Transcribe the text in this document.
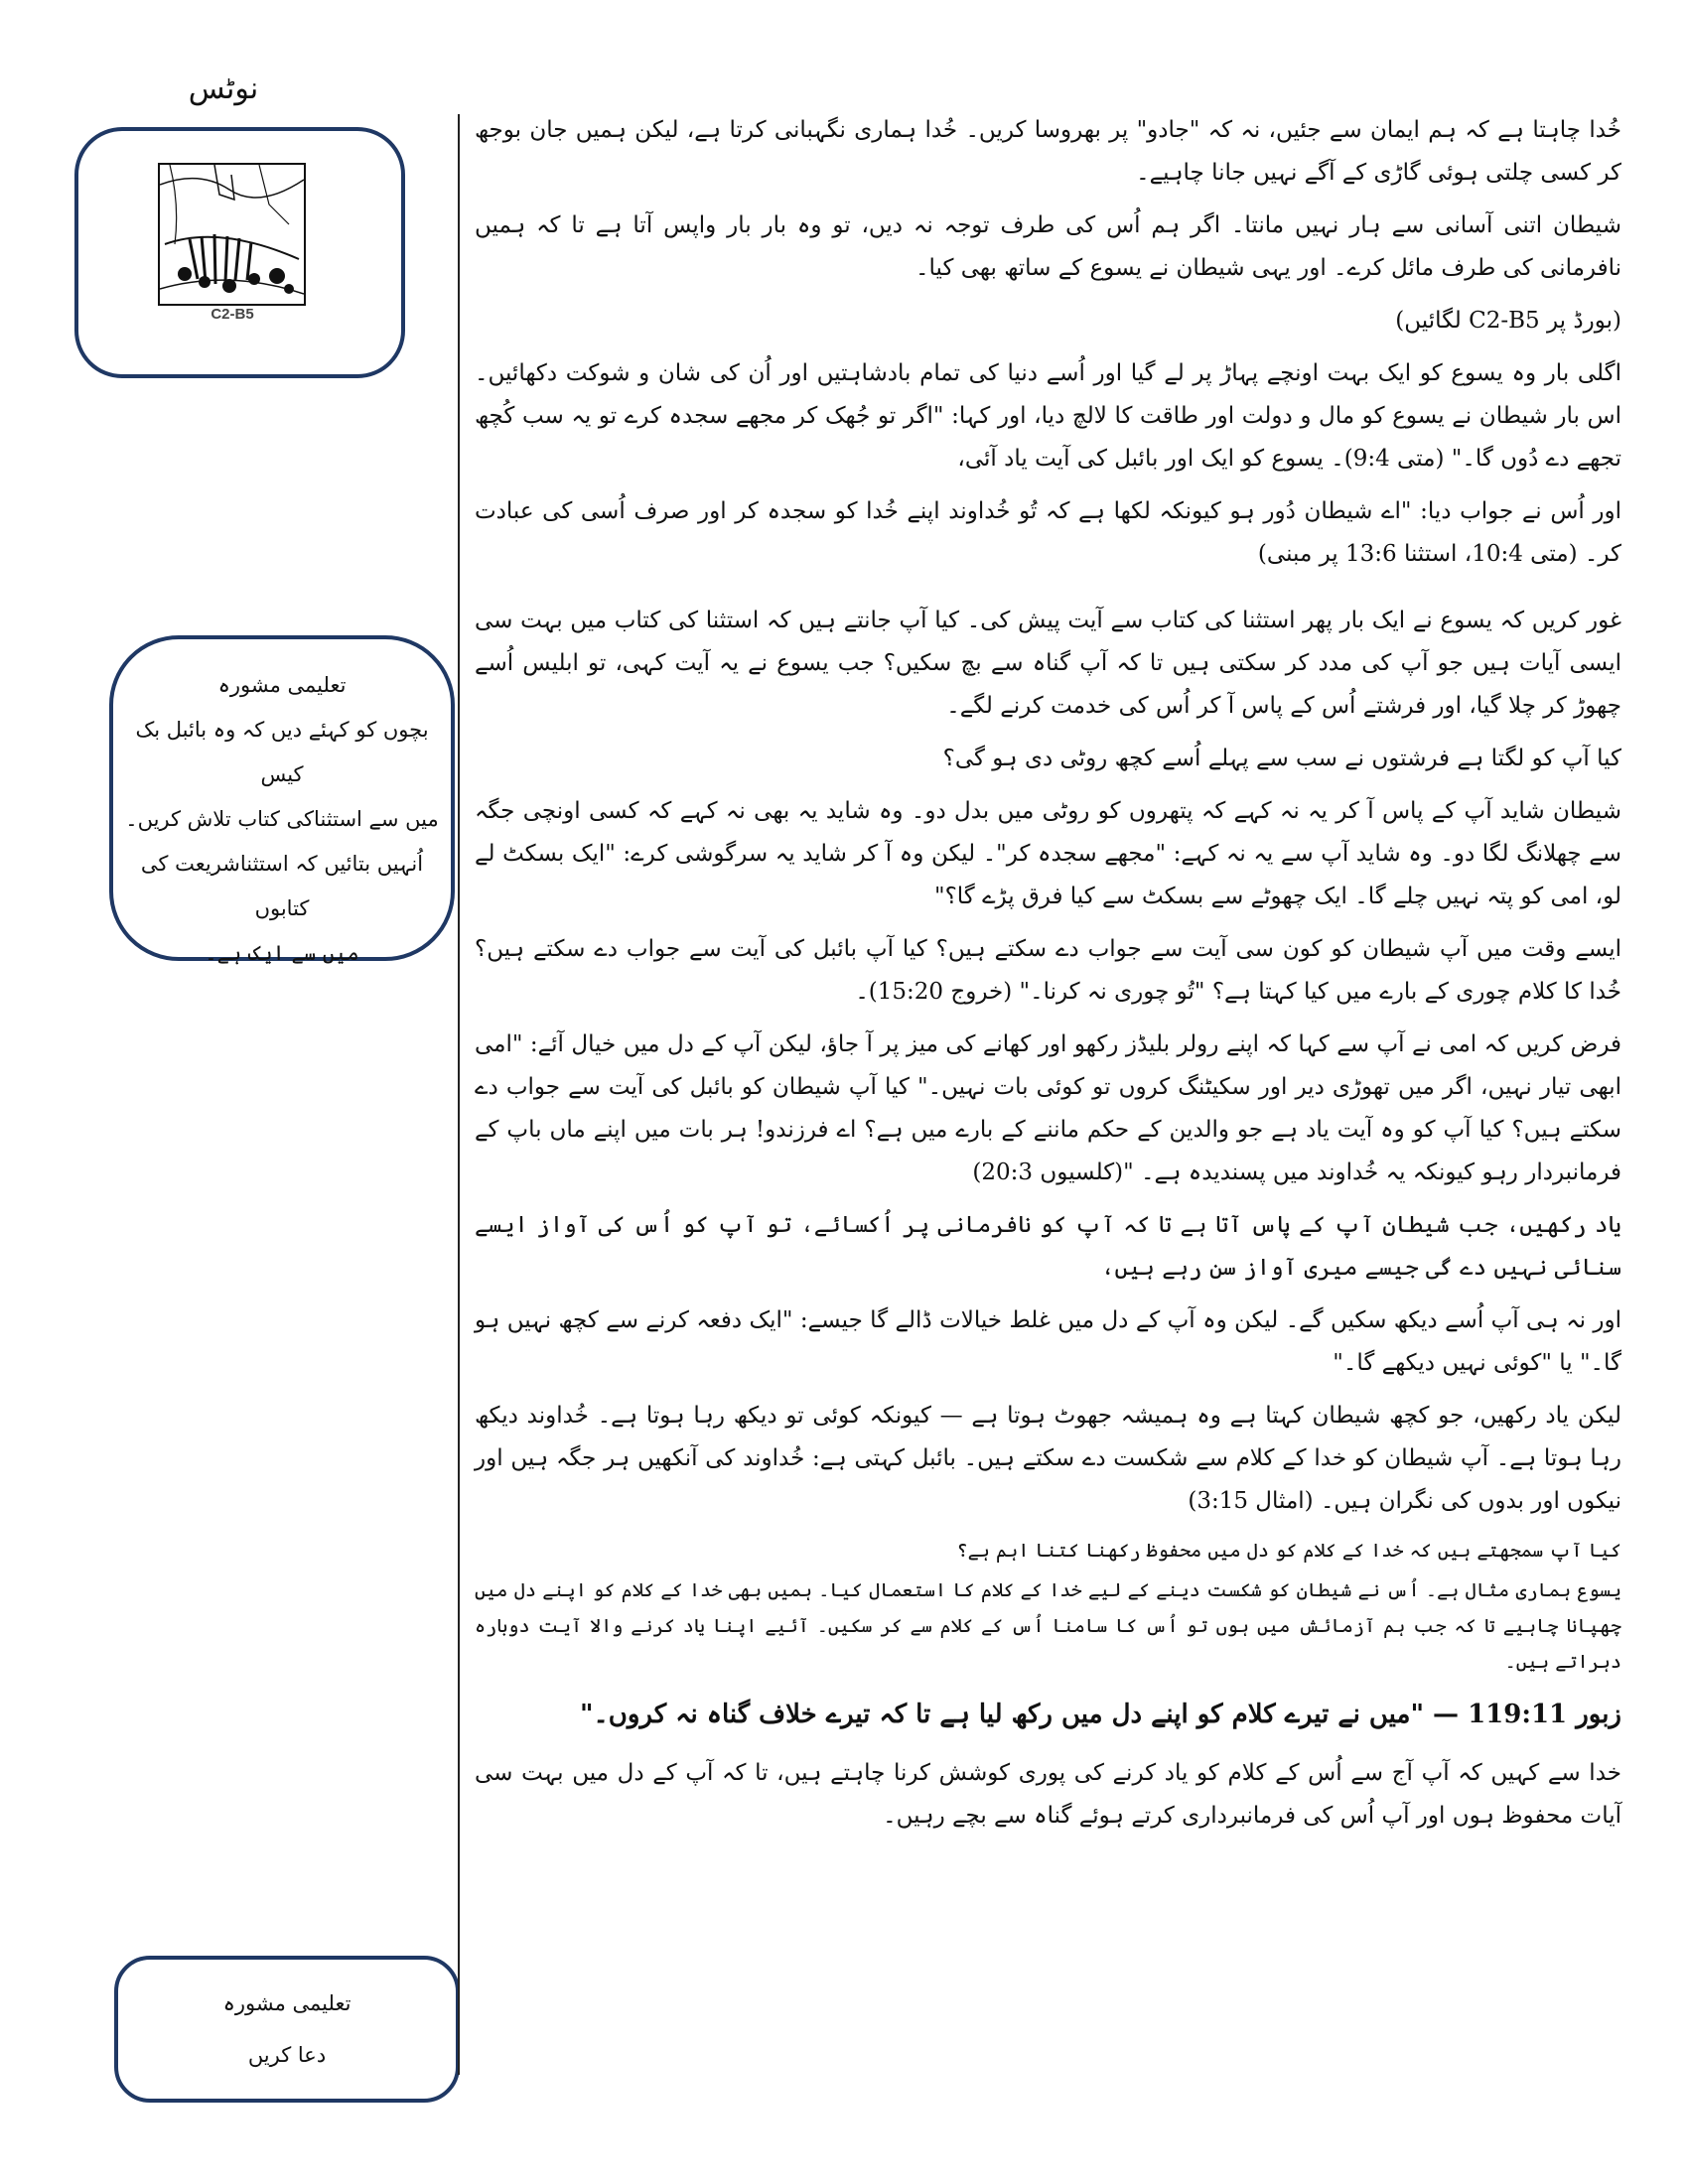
نوٹس
C2-B5
تعلیمی مشورہ
بچوں کو کہئے دیں کہ وہ بائبل بک کیس
میں سے استثناکی کتاب تلاش کریں۔
اُنہیں بتائیں کہ استثناشریعت کی کتابوں
میں سے ایک ہے۔
تعلیمی مشورہ
دعا کریں

خُدا چاہتا ہے کہ ہم ایمان سے جئیں، نہ کہ "جادو" پر بھروسا کریں۔ خُدا ہماری نگہبانی کرتا ہے، لیکن ہمیں جان بوجھ کر کسی چلتی ہوئی گاڑی کے آگے نہیں جانا چاہیے۔

شیطان اتنی آسانی سے ہار نہیں مانتا۔ اگر ہم اُس کی طرف توجہ نہ دیں، تو وہ بار بار واپس آتا ہے تا کہ ہمیں نافرمانی کی طرف مائل کرے۔ اور یہی شیطان نے یسوع کے ساتھ بھی کیا۔

(بورڈ پر C2-B5 لگائیں)

اگلی بار وہ یسوع کو ایک بہت اونچے پہاڑ پر لے گیا اور اُسے دنیا کی تمام بادشاہتیں اور اُن کی شان و شوکت دکھائیں۔ اس بار شیطان نے یسوع کو مال و دولت اور طاقت کا لالچ دیا، اور کہا: "اگر تو جُھک کر مجھے سجدہ کرے تو یہ سب کُچھ تجھے دے دُوں گا۔" (متی 9:4)۔ یسوع کو ایک اور بائبل کی آیت یاد آئی،

اور اُس نے جواب دیا: "اے شیطان دُور ہو کیونکہ لکھا ہے کہ تُو خُداوند اپنے خُدا کو سجدہ کر اور صرف اُسی کی عبادت کر۔ (متی 10:4، استثنا 13:6 پر مبنی)

غور کریں کہ یسوع نے ایک بار پھر استثنا کی کتاب سے آیت پیش کی۔ کیا آپ جانتے ہیں کہ استثنا کی کتاب میں بہت سی ایسی آیات ہیں جو آپ کی مدد کر سکتی ہیں تا کہ آپ گناہ سے بچ سکیں؟ جب یسوع نے یہ آیت کہی، تو ابلیس اُسے چھوڑ کر چلا گیا، اور فرشتے اُس کے پاس آ کر اُس کی خدمت کرنے لگے۔

کیا آپ کو لگتا ہے فرشتوں نے سب سے پہلے اُسے کچھ روٹی دی ہو گی؟

شیطان شاید آپ کے پاس آ کر یہ نہ کہے کہ پتھروں کو روٹی میں بدل دو۔ وہ شاید یہ بھی نہ کہے کہ کسی اونچی جگہ سے چھلانگ لگا دو۔ وہ شاید آپ سے یہ نہ کہے: "مجھے سجدہ کر"۔ لیکن وہ آ کر شاید یہ سرگوشی کرے: "ایک بسکٹ لے لو، امی کو پتہ نہیں چلے گا۔ ایک چھوٹے سے بسکٹ سے کیا فرق پڑے گا؟"

ایسے وقت میں آپ شیطان کو کون سی آیت سے جواب دے سکتے ہیں؟ کیا آپ بائبل کی آیت سے جواب دے سکتے ہیں؟ خُدا کا کلام چوری کے بارے میں کیا کہتا ہے؟ "تُو چوری نہ کرنا۔" (خروج 15:20)۔

فرض کریں کہ امی نے آپ سے کہا کہ اپنے رولر بلیڈز رکھو اور کھانے کی میز پر آ جاؤ، لیکن آپ کے دل میں خیال آئے: "امی ابھی تیار نہیں، اگر میں تھوڑی دیر اور سکیٹنگ کروں تو کوئی بات نہیں۔" کیا آپ شیطان کو بائبل کی آیت سے جواب دے سکتے ہیں؟ کیا آپ کو وہ آیت یاد ہے جو والدین کے حکم ماننے کے بارے میں ہے؟ اے فرزندو! ہر بات میں اپنے ماں باپ کے فرمانبردار رہو کیونکہ یہ خُداوند میں پسندیدہ ہے۔ "(کلسیوں 20:3)

یاد رکھیں، جب شیطان آپ کے پاس آتا ہے تا کہ آپ کو نافرمانی پر اُکسائے، تو آپ کو اُس کی آواز ایسے سنائی نہیں دے گی جیسے میری آواز سن رہے ہیں،

اور نہ ہی آپ اُسے دیکھ سکیں گے۔ لیکن وہ آپ کے دل میں غلط خیالات ڈالے گا جیسے: "ایک دفعہ کرنے سے کچھ نہیں ہو گا۔" یا "کوئی نہیں دیکھے گا۔"

لیکن یاد رکھیں، جو کچھ شیطان کہتا ہے وہ ہمیشہ جھوٹ ہوتا ہے — کیونکہ کوئی تو دیکھ رہا ہوتا ہے۔ خُداوند دیکھ رہا ہوتا ہے۔ آپ شیطان کو خدا کے کلام سے شکست دے سکتے ہیں۔ بائبل کہتی ہے: خُداوند کی آنکھیں ہر جگہ ہیں اور نیکوں اور بدوں کی نگران ہیں۔ (امثال 3:15)

کیا آپ سمجھتے ہیں کہ خدا کے کلام کو دل میں محفوظ رکھنا کتنا اہم ہے؟

یسوع ہماری مثال ہے۔ اُس نے شیطان کو شکست دینے کے لیے خدا کے کلام کا استعمال کیا۔ ہمیں بھی خدا کے کلام کو اپنے دل میں چھپانا چاہیے تا کہ جب ہم آزمائش میں ہوں تو اُس کا سامنا اُس کے کلام سے کر سکیں۔ آئیے اپنا یاد کرنے والا آیت دوبارہ دہراتے ہیں۔

زبور 119:11 — "میں نے تیرے کلام کو اپنے دل میں رکھ لیا ہے تا کہ تیرے خلاف گناہ نہ کروں۔"

خدا سے کہیں کہ آپ آج سے اُس کے کلام کو یاد کرنے کی پوری کوشش کرنا چاہتے ہیں، تا کہ آپ کے دل میں بہت سی آیات محفوظ ہوں اور آپ اُس کی فرمانبرداری کرتے ہوئے گناہ سے بچے رہیں۔
